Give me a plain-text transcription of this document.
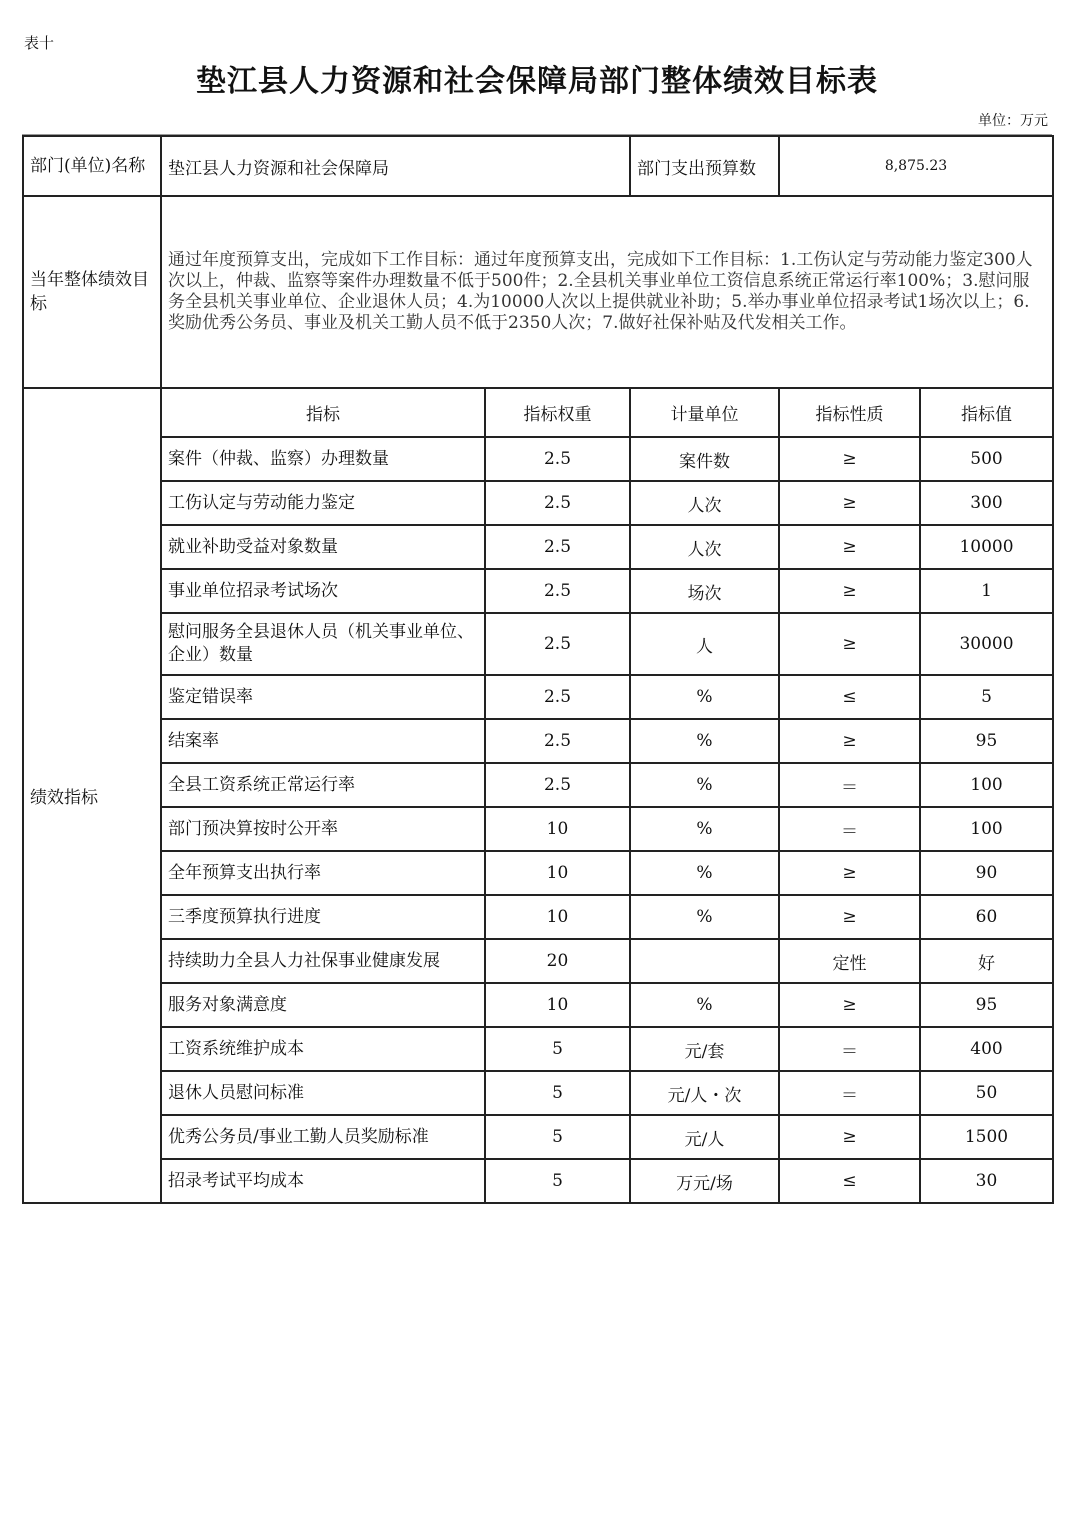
表十
垫江县人力资源和社会保障局部门整体绩效目标表
单位：万元
部门(单位)名称	垫江县人力资源和社会保障局		部门支出预算数	8,875.23	
当年整体绩效目标	通过年度预算支出，完成如下工作目标：通过年度预算支出，完成如下工作目标：1.工伤认定与劳动能力鉴定300人次以上，仲裁、监察等案件办理数量不低于500件；2.全县机关事业单位工资信息系统正常运行率100%；3.慰问服务全县机关事业单位、企业退休人员；4.为10000人次以上提供就业补助；5.举办事业单位招录考试1场次以上；6.奖励优秀公务员、事业及机关工勤人员不低于2350人次；7.做好社保补贴及代发相关工作。				
绩效指标	指标	指标权重	计量单位	指标性质	指标值
	案件（仲裁、监察）办理数量	2.5	案件数	≥	500
	工伤认定与劳动能力鉴定	2.5	人次	≥	300
	就业补助受益对象数量	2.5	人次	≥	10000
	事业单位招录考试场次	2.5	场次	≥	1
	慰问服务全县退休人员（机关事业单位、企业）数量	2.5	人	≥	30000
	鉴定错误率	2.5	%	≤	5
	结案率	2.5	%	≥	95
	全县工资系统正常运行率	2.5	%	＝	100
	部门预决算按时公开率	10	%	＝	100
	全年预算支出执行率	10	%	≥	90
	三季度预算执行进度	10	%	≥	60
	持续助力全县人力社保事业健康发展	20		定性	好
	服务对象满意度	10	%	≥	95
	工资系统维护成本	5	元/套	＝	400
	退休人员慰问标准	5	元/人・次	＝	50
	优秀公务员/事业工勤人员奖励标准	5	元/人	≥	1500
	招录考试平均成本	5	万元/场	≤	30
